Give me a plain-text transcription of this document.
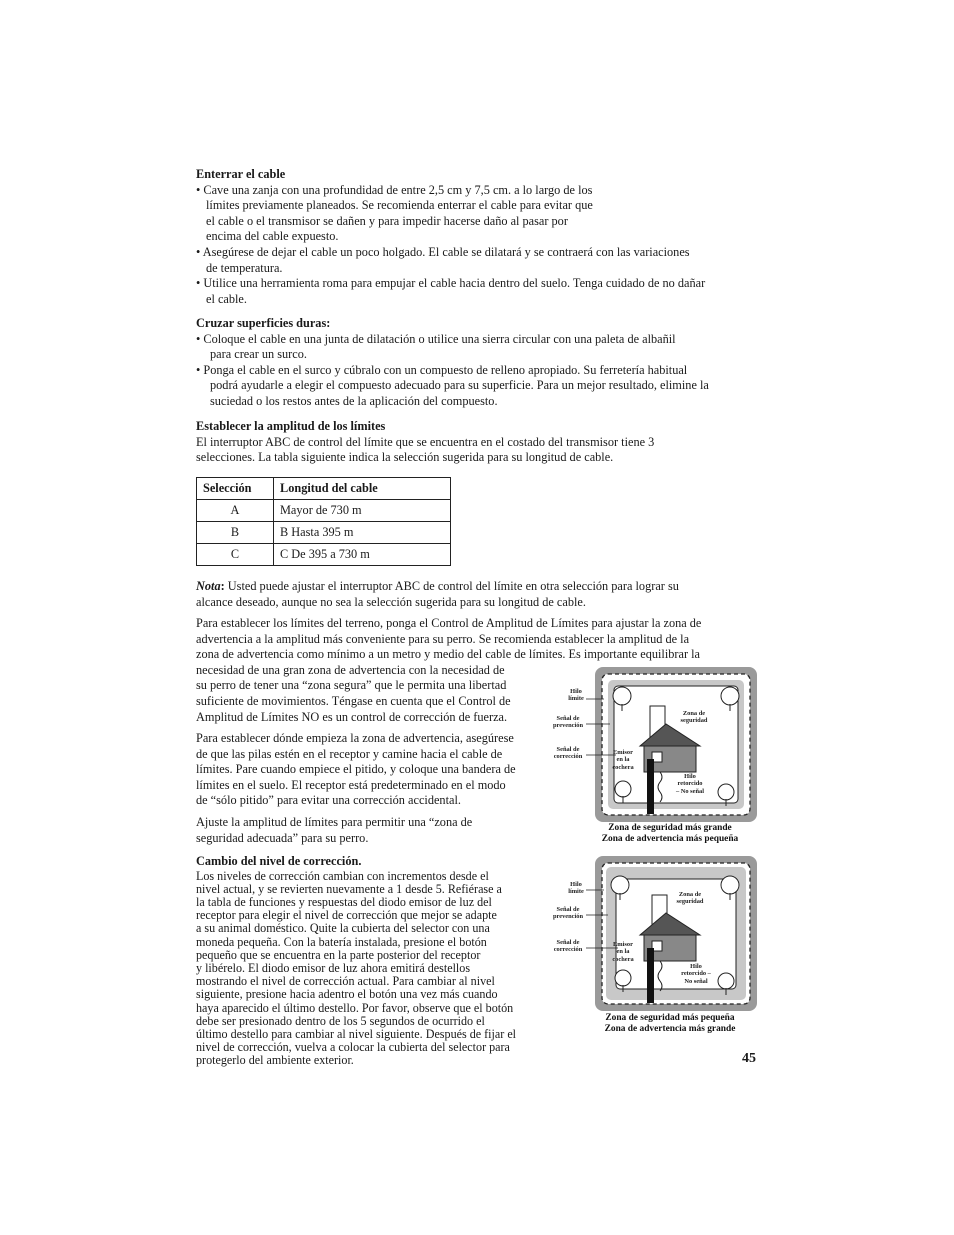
Enterrar el cable
• Cave una zanja con una profundidad de entre 2,5 cm y 7,5 cm. a lo largo de los
límites previamente planeados. Se recomienda enterrar el cable para evitar que
el cable o el transmisor se dañen y para impedir hacerse daño al pasar por
encima del cable expuesto.
• Asegúrese de dejar el cable un poco holgado. El cable se dilatará y se contraerá con las variaciones
de temperatura.
• Utilice una herramienta roma para empujar el cable hacia dentro del suelo. Tenga cuidado de no dañar
el cable.
Cruzar superficies duras:
• Coloque el cable en una junta de dilatación o utilice una sierra circular con una paleta de albañil
para crear un surco.
• Ponga el cable en el surco y cúbralo con un compuesto de relleno apropiado. Su ferretería habitual
podrá ayudarle a elegir el compuesto adecuado para su superficie. Para un mejor resultado, elimine la
suciedad o los restos antes de la aplicación del compuesto.
Establecer la amplitud de los límites
El interruptor ABC de control del límite que se encuentra en el costado del transmisor tiene 3
selecciones. La tabla siguiente indica la selección sugerida para su longitud de cable.
Selección	Longitud del cable
A	Mayor de 730 m
B	B Hasta 395 m
C	C De 395 a 730 m
Nota: Usted puede ajustar el interruptor ABC de control del límite en otra selección para lograr su
alcance deseado, aunque no sea la selección sugerida para su longitud de cable.
Para establecer los límites del terreno, ponga el Control de Amplitud de Límites para ajustar la zona de
advertencia a la amplitud más conveniente para su perro. Se recomienda establecer la amplitud de la
zona de advertencia como mínimo a un metro y medio del cable de límites. Es importante equilibrar la
necesidad de una gran zona de advertencia con la necesidad de
su perro de tener una “zona segura” que le permita una libertad
suficiente de movimientos. Téngase en cuenta que el Control de
Amplitud de Límites NO es un control de corrección de fuerza.
Para establecer dónde empieza la zona de advertencia, asegúrese
de que las pilas estén en el receptor y camine hacia el cable de
límites. Pare cuando empiece el pitido, y coloque una bandera de
límites en el suelo. El receptor está predeterminado en el modo
de “sólo pitido” para evitar una corrección accidental.
Ajuste la amplitud de límites para permitir una “zona de
seguridad adecuada” para su perro.
Cambio del nivel de corrección.
Los niveles de corrección cambian con incrementos desde el
nivel actual, y se revierten nuevamente a 1 desde 5. Refiérase a
la tabla de funciones y respuestas del diodo emisor de luz del
receptor para elegir el nivel de corrección que mejor se adapte
a su animal doméstico. Quite la cubierta del selector con una
moneda pequeña. Con la batería instalada, presione el botón
pequeño que se encuentra en la parte posterior del receptor
y libérelo. El diodo emisor de luz ahora emitirá destellos
mostrando el nivel de corrección actual. Para cambiar al nivel
siguiente, presione hacia adentro el botón una vez más cuando
haya aparecido el último destello. Por favor, observe que el botón
debe ser presionado dentro de los 5 segundos de ocurrido el
último destello para cambiar al nivel siguiente. Después de fijar el
nivel de corrección, vuelva a colocar la cubierta del selector para
protegerlo del ambiente exterior.
Hilo
límite
Señal de
prevención
Señal de
corrección
Emisor
en la
cochera
Zona de
seguridad
Hilo
retorcido
– No señal
Zona de seguridad más grande
Zona de advertencia más pequeña
Hilo
límite
Señal de
prevención
Señal de
corrección
Emisor
en la
cochera
Zona de
seguridad
Hilo
retorcido –
No señal
Zona de seguridad más pequeña
Zona de advertencia más grande
45
